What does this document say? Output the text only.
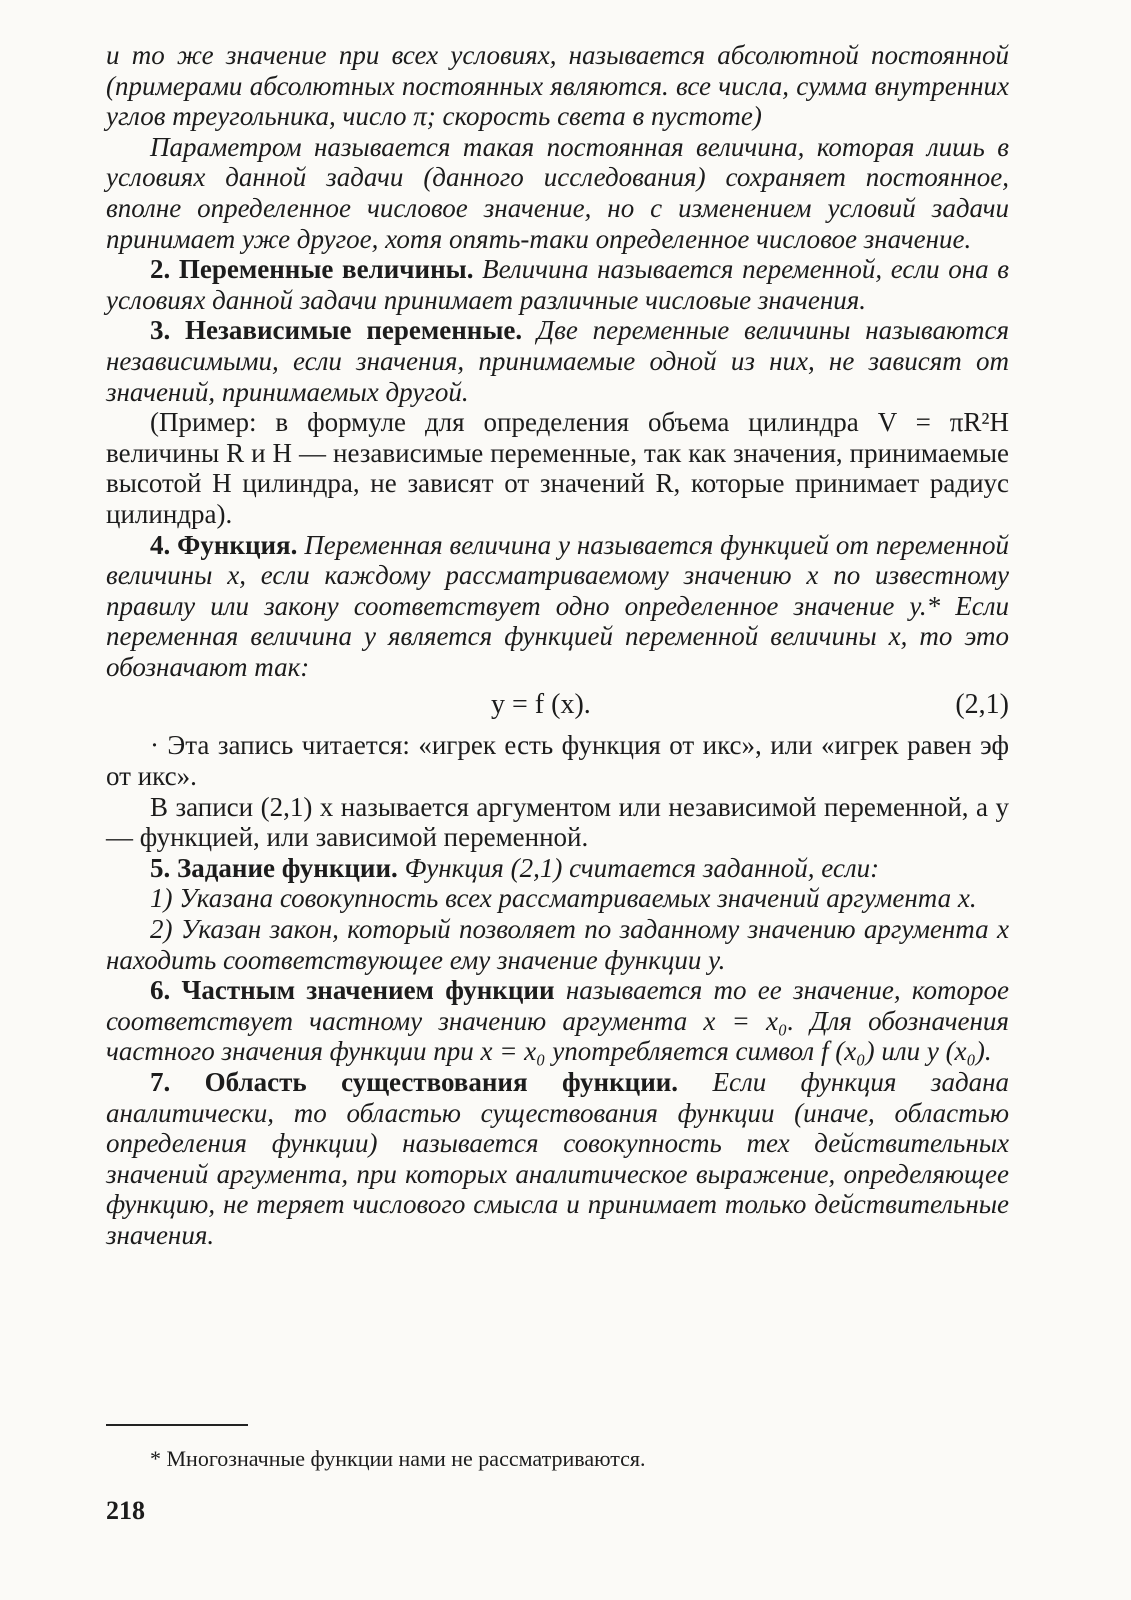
и то же значение при всех условиях, называется абсолютной постоянной (примерами абсолютных постоянных являются. все числа, сумма внутренних углов треугольника, число π; скорость света в пустоте)

Параметром называется такая постоянная величина, которая лишь в условиях данной задачи (данного исследования) сохраняет постоянное, вполне определенное числовое значение, но с изменением условий задачи принимает уже другое, хотя опять-таки определенное числовое значение.

2. Переменные величины. Величина называется переменной, если она в условиях данной задачи принимает различные числовые значения.

3. Независимые переменные. Две переменные величины называются независимыми, если значения, принимаемые одной из них, не зависят от значений, принимаемых другой.

(Пример: в формуле для определения объема цилиндра V = πR²H величины R и H — независимые переменные, так как значения, принимаемые высотой H цилиндра, не зависят от значений R, которые принимает радиус цилиндра).

4. Функция. Переменная величина y называется функцией от переменной величины x, если каждому рассматриваемому значению x по известному правилу или закону соответствует одно определенное значение y.* Если переменная величина y является функцией переменной величины x, то это обозначают так:

y = f (x).	(2,1)

· Эта запись читается: «игрек есть функция от икс», или «игрек равен эф от икс».

В записи (2,1) x называется аргументом или независимой переменной, а y — функцией, или зависимой переменной.

5. Задание функции. Функция (2,1) считается заданной, если:

1) Указана совокупность всех рассматриваемых значений аргумента x.

2) Указан закон, который позволяет по заданному значению аргумента x находить соответствующее ему значение функции y.

6. Частным значением функции называется то ее значение, которое соответствует частному значению аргумента x = x₀. Для обозначения частного значения функции при x = x₀ употребляется символ f (x₀) или y (x₀).

7. Область существования функции. Если функция задана аналитически, то областью существования функции (иначе, областью определения функции) называется совокупность тех действительных значений аргумента, при которых аналитическое выражение, определяющее функцию, не теряет числового смысла и принимает только действительные значения.

* Многозначные функции нами не рассматриваются.
218
